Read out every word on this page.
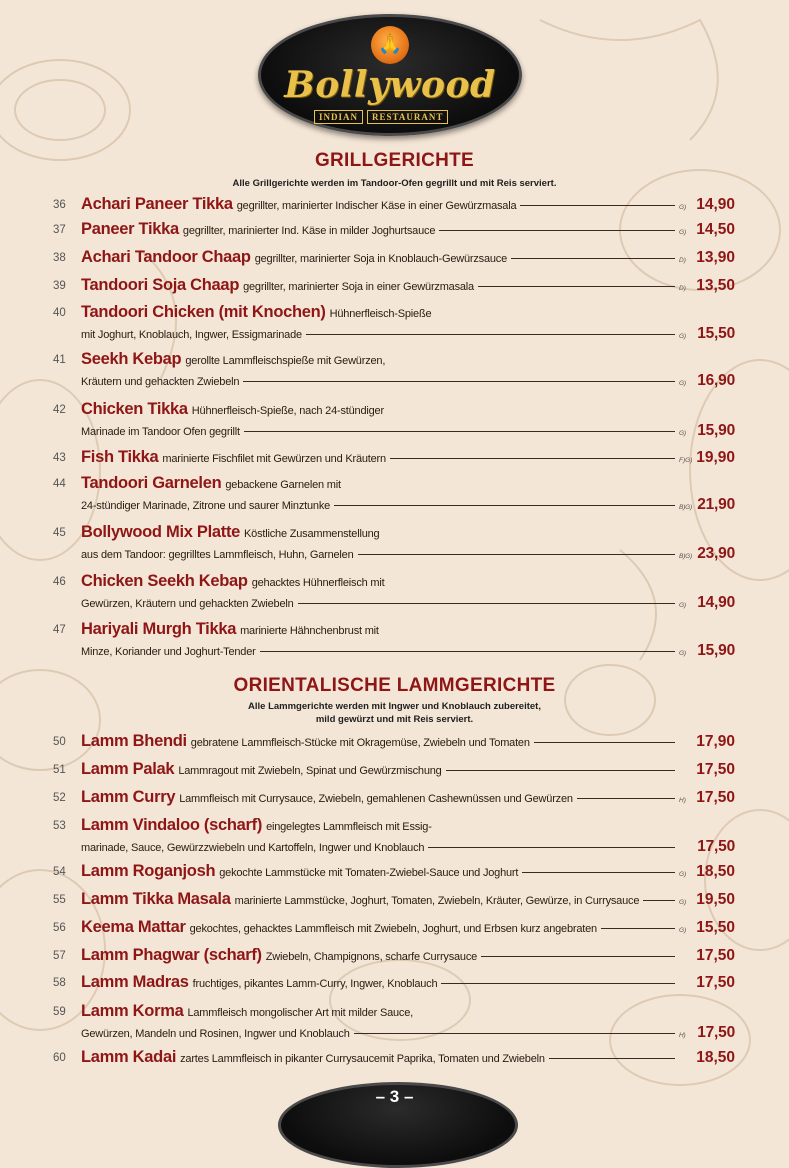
🙏
Bollywood
INDIAN	RESTAURANT
GRILLGERICHTE
Alle Grillgerichte werden im Tandoor-Ofen gegrillt und mit Reis serviert.
36 Achari Paneer Tikka gegrillter, marinierter Indischer Käse in einer Gewürzmasala	G) 14,90
37 Paneer Tikka gegrillter, marinierter Ind. Käse in milder Joghurtsauce	G) 14,50
38 Achari Tandoor Chaap gegrillter, marinierter Soja in Knoblauch-Gewürzsauce	D) 13,90
39 Tandoori Soja Chaap gegrillter, marinierter Soja in einer Gewürzmasala	D) 13,50
40 Tandoori Chicken (mit Knochen) Hühnerfleisch-Spieße
mit Joghurt, Knoblauch, Ingwer, Essigmarinade	G) 15,50
41 Seekh Kebap gerollte Lammfleischspieße mit Gewürzen,
Kräutern und gehackten Zwiebeln	G) 16,90
42 Chicken Tikka Hühnerfleisch-Spieße, nach 24-stündiger
Marinade im Tandoor Ofen gegrillt	G) 15,90
43 Fish Tikka marinierte Fischfilet mit Gewürzen und Kräutern	F)G) 19,90
44 Tandoori Garnelen gebackene Garnelen mit
24-stündiger Marinade, Zitrone und saurer Minztunke	B)G) 21,90
45 Bollywood Mix Platte Köstliche Zusammenstellung
aus dem Tandoor: gegrilltes Lammfleisch, Huhn, Garnelen	B)G) 23,90
46 Chicken Seekh Kebap gehacktes Hühnerfleisch mit
Gewürzen, Kräutern und gehackten Zwiebeln	G) 14,90
47 Hariyali Murgh Tikka marinierte Hähnchenbrust mit
Minze, Koriander und Joghurt-Tender	G) 15,90
ORIENTALISCHE LAMMGERICHTE
Alle Lammgerichte werden mit Ingwer und Knoblauch zubereitet,
mild gewürzt und mit Reis serviert.
50 Lamm Bhendi gebratene Lammfleisch-Stücke mit Okragemüse, Zwiebeln und Tomaten	17,90
51 Lamm Palak Lammragout mit Zwiebeln, Spinat und Gewürzmischung	17,50
52 Lamm Curry Lammfleisch mit Currysauce, Zwiebeln, gemahlenen Cashewnüssen und Gewürzen	H) 17,50
53 Lamm Vindaloo (scharf) eingelegtes Lammfleisch mit Essig-
marinade, Sauce, Gewürzzwiebeln und Kartoffeln, Ingwer und Knoblauch	17,50
54 Lamm Roganjosh gekochte Lammstücke mit Tomaten-Zwiebel-Sauce und Joghurt	G) 18,50
55 Lamm Tikka Masala marinierte Lammstücke, Joghurt, Tomaten, Zwiebeln, Kräuter, Gewürze, in Currysauce	G) 19,50
56 Keema Mattar gekochtes, gehacktes Lammfleisch mit Zwiebeln, Joghurt, und Erbsen kurz angebraten	G) 15,50
57 Lamm Phagwar (scharf) Zwiebeln, Champignons, scharfe Currysauce	17,50
58 Lamm Madras fruchtiges, pikantes Lamm-Curry, Ingwer, Knoblauch	17,50
59 Lamm Korma Lammfleisch mongolischer Art mit milder Sauce,
Gewürzen, Mandeln und Rosinen, Ingwer und Knoblauch	H) 17,50
60 Lamm Kadai zartes Lammfleisch in pikanter Currysaucemit Paprika, Tomaten und Zwiebeln	18,50
– 3 –
